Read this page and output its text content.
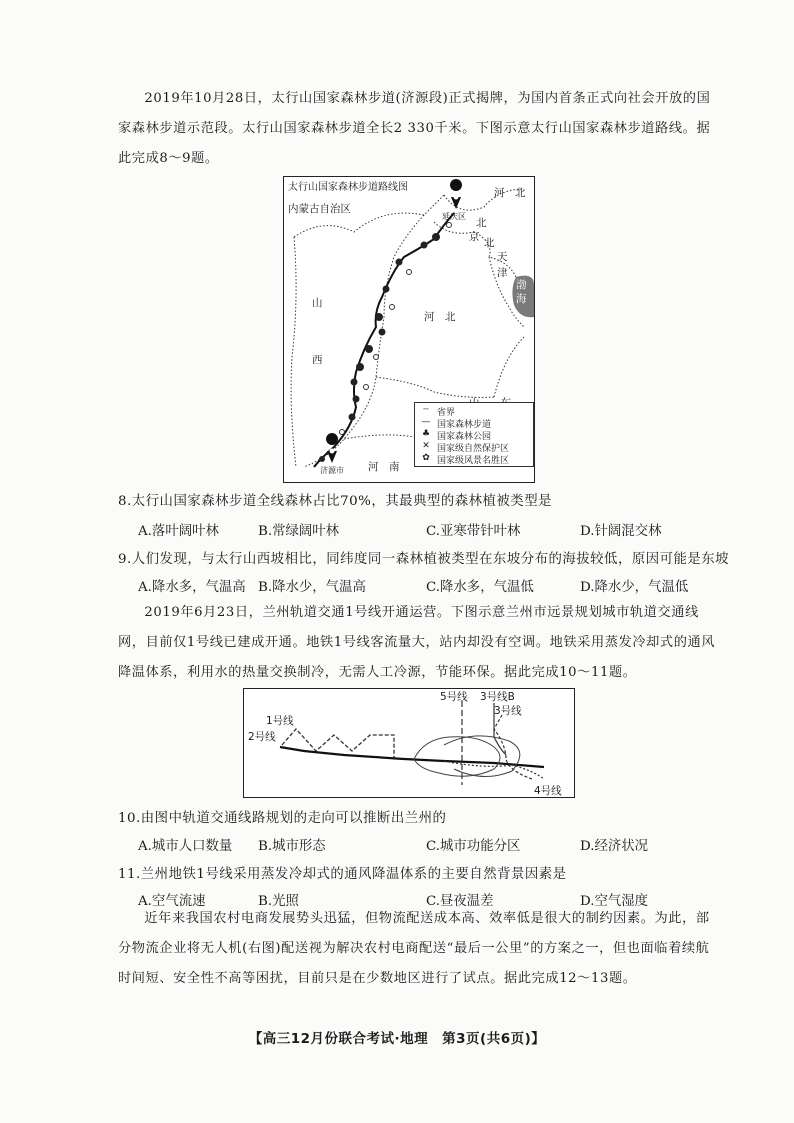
2019年10月28日，太行山国家森林步道(济源段)正式揭牌，为国内首条正式向社会开放的国家森林步道示范段。太行山国家森林步道全长2 330千米。下图示意太行山国家森林步道路线。据此完成8～9题。
太行山国家森林步道路线图
内蒙古自治区
河　北
北
京 北
天
津
渤
海
山
西
河　北
河　南
延庆区
济源市
┄ 省界
— 国家森林步道
♣ 国家森林公园
✕ 国家级自然保护区
✿ 国家级风景名胜区
8.太行山国家森林步道全线森林占比70%，其最典型的森林植被类型是
A.落叶阔叶林	B.常绿阔叶林	C.亚寒带针叶林	D.针阔混交林
9.人们发现，与太行山西坡相比，同纬度同一森林植被类型在东坡分布的海拔较低，原因可能是东坡
A.降水多，气温高 B.降水少，气温高	C.降水多，气温低	D.降水少，气温低
2019年6月23日，兰州轨道交通1号线开通运营。下图示意兰州市远景规划城市轨道交通线网，目前仅1号线已建成开通。地铁1号线客流量大，站内却没有空调。地铁采用蒸发冷却式的通风降温体系，利用水的热量交换制冷，无需人工冷源，节能环保。据此完成10～11题。
1号线
2号线
5号线 3号线B
3号线
4号线
10.由图中轨道交通线路规划的走向可以推断出兰州的
A.城市人口数量 B.城市形态	C.城市功能分区	D.经济状况
11.兰州地铁1号线采用蒸发冷却式的通风降温体系的主要自然背景因素是
A.空气流速	B.光照	C.昼夜温差	D.空气湿度
近年来我国农村电商发展势头迅猛，但物流配送成本高、效率低是很大的制约因素。为此，部分物流企业将无人机(右图)配送视为解决农村电商配送“最后一公里”的方案之一，但也面临着续航时间短、安全性不高等困扰，目前只是在少数地区进行了试点。据此完成12～13题。
【高三12月份联合考试·地理　第3页(共6页)】
